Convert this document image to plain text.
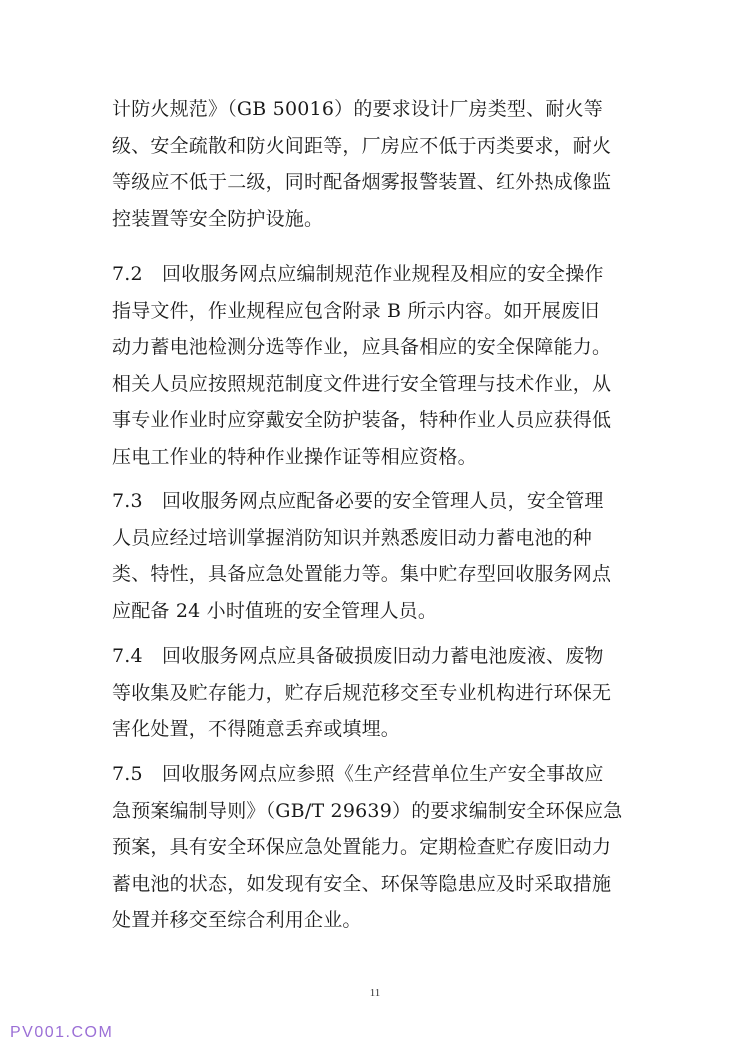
计防火规范》（GB 50016）的要求设计厂房类型、耐火等
级、安全疏散和防火间距等，厂房应不低于丙类要求，耐火
等级应不低于二级，同时配备烟雾报警装置、红外热成像监
控装置等安全防护设施。
7.2　回收服务网点应编制规范作业规程及相应的安全操作
指导文件，作业规程应包含附录 B 所示内容。如开展废旧
动力蓄电池检测分选等作业，应具备相应的安全保障能力。
相关人员应按照规范制度文件进行安全管理与技术作业，从
事专业作业时应穿戴安全防护装备，特种作业人员应获得低
压电工作业的特种作业操作证等相应资格。
7.3　回收服务网点应配备必要的安全管理人员，安全管理
人员应经过培训掌握消防知识并熟悉废旧动力蓄电池的种
类、特性，具备应急处置能力等。集中贮存型回收服务网点
应配备 24 小时值班的安全管理人员。
7.4　回收服务网点应具备破损废旧动力蓄电池废液、废物
等收集及贮存能力，贮存后规范移交至专业机构进行环保无
害化处置，不得随意丢弃或填埋。
7.5　回收服务网点应参照《生产经营单位生产安全事故应
急预案编制导则》（GB/T 29639）的要求编制安全环保应急
预案，具有安全环保应急处置能力。定期检查贮存废旧动力
蓄电池的状态，如发现有安全、环保等隐患应及时采取措施
处置并移交至综合利用企业。
11
PV001.COM
